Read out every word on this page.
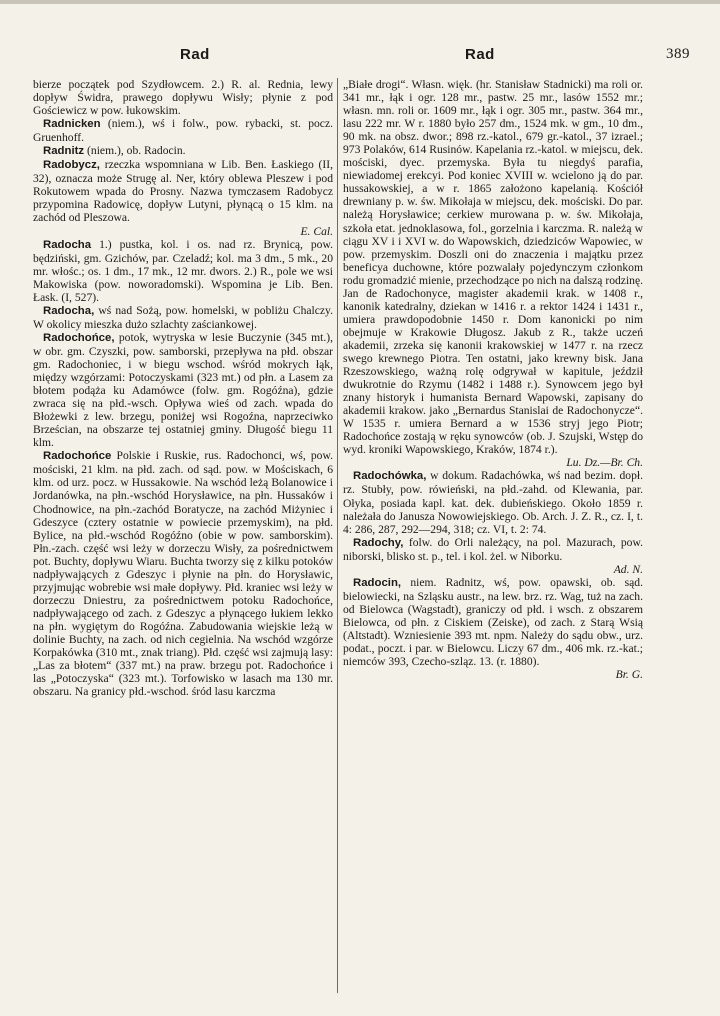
Rad	Rad	389

bierze początek pod Szydłowcem. 2.) R. al. Rednia, lewy dopływ Świdra, prawego dopływu Wisły; płynie z pod Gościewicz w pow. łukowskim.

Radnicken (niem.), wś i folw., pow. rybacki, st. pocz. Gruenhoff.

Radnitz (niem.), ob. Radocin.

Radobycz, rzeczka wspomniana w Lib. Ben. Łaskiego (II, 32), oznacza może Strugę al. Ner, który oblewa Pleszew i pod Rokutowem wpada do Prosny. Nazwa tymczasem Radobycz przypomina Radowicę, dopływ Lutyni, płynącą o 15 klm. na zachód od Pleszowa.
E. Cal.

Radocha 1.) pustka, kol. i os. nad rz. Brynicą, pow. będziński, gm. Gzichów, par. Czeladź; kol. ma 3 dm., 5 mk., 20 mr. włośc.; os. 1 dm., 17 mk., 12 mr. dwors. 2.) R., pole we wsi Makowiska (pow. noworadomski). Wspomina je Lib. Ben. Łask. (I, 527).

Radocha, wś nad Sożą, pow. homelski, w pobliżu Chalczy. W okolicy mieszka dużo szlachty zaściankowej.

Radochońce, potok, wytryska w lesie Buczynie (345 mt.), w obr. gm. Czyszki, pow. samborski, przepływa na płd. obszar gm. Radochoniec, i w biegu wschod. wśród mokrych łąk, między wzgórzami: Potoczyskami (323 mt.) od płn. a Lasem za błotem podąża ku Adamówce (folw. gm. Rogóźna), gdzie zwraca się na płd.-wsch. Opływa wieś od zach. wpada do Błożewki z lew. brzegu, poniżej wsi Rogoźna, naprzeciwko Brześcian, na obszarze tej ostatniej gminy. Długość biegu 11 klm.

Radochońce Polskie i Ruskie, rus. Radochonci, wś, pow. mościski, 21 klm. na płd. zach. od sąd. pow. w Mościskach, 6 klm. od urz. pocz. w Hussakowie. Na wschód leżą Bolanowice i Jordanówka, na płn.-wschód Horysławice, na płn. Hussaków i Chodnowice, na płn.-zachód Boratycze, na zachód Miżyniec i Gdeszyce (cztery ostatnie w powiecie przemyskim), na płd. Bylice, na płd.-wschód Rogóźno (obie w pow. samborskim). Płn.-zach. część wsi leży w dorzeczu Wisły, za pośrednictwem pot. Buchty, dopływu Wiaru. Buchta tworzy się z kilku potoków nadpływających z Gdeszyc i płynie na płn. do Horysławic, przyjmując wobrebie wsi małe dopływy. Płd. kraniec wsi leży w dorzeczu Dniestru, za pośrednictwem potoku Radochońce, nadpływającego od zach. z Gdeszyc a płynącego łukiem lekko na płn. wygiętym do Rogóźna. Zabudowania wiejskie leżą w dolinie Buchty, na zach. od nich cegielnia. Na wschód wzgórze Korpakówka (310 mt., znak triang). Płd. część wsi zajmują lasy: „Las za błotem“ (337 mt.) na praw. brzegu pot. Radochońce i las „Potoczyska“ (323 mt.). Torfowisko w lasach ma 130 mr. obszaru. Na granicy płd.-wschod. śród lasu karczma

„Białe drogi“. Własn. więk. (hr. Stanisław Stadnicki) ma roli or. 341 mr., łąk i ogr. 128 mr., pastw. 25 mr., lasów 1552 mr.; własn. mn. roli or. 1609 mr., łąk i ogr. 305 mr., pastw. 364 mr., lasu 222 mr. W r. 1880 było 257 dm., 1524 mk. w gm., 10 dm., 90 mk. na obsz. dwor.; 898 rz.-katol., 679 gr.-katol., 37 izrael.; 973 Polaków, 614 Rusinów. Kapelania rz.-katol. w miejscu, dek. mościski, dyec. przemyska. Była tu niegdyś parafia, niewiadomej erekcyi. Pod koniec XVIII w. wcielono ją do par. hussakowskiej, a w r. 1865 założono kapelanią. Kościół drewniany p. w. św. Mikołaja w miejscu, dek. mościski. Do par. należą Horysławice; cerkiew murowana p. w. św. Mikołaja, szkoła etat. jednoklasowa, fol., gorzelnia i karczma. R. należą w ciągu XV i i XVI w. do Wapowskich, dziedziców Wapowiec, w pow. przemyskim. Doszli oni do znaczenia i majątku przez beneficya duchowne, które pozwalały pojedynczym członkom rodu gromadzić mienie, przechodzące po nich na dalszą rodzinę. Jan de Radochonyce, magister akademii krak. w 1408 r., kanonik katedralny, dziekan w 1416 r. a rektor 1424 i 1431 r., umiera prawdopodobnie 1450 r. Dom kanonicki po nim obejmuje w Krakowie Długosz. Jakub z R., także uczeń akademii, zrzeka się kanonii krakowskiej w 1477 r. na rzecz swego krewnego Piotra. Ten ostatni, jako krewny bisk. Jana Rzeszowskiego, ważną rolę odgrywał w kapitule, jeździł dwukrotnie do Rzymu (1482 i 1488 r.). Synowcem jego był znany historyk i humanista Bernard Wapowski, zapisany do akademii krakow. jako „Bernardus Stanislai de Radochonycze“. W 1535 r. umiera Bernard a w 1536 stryj jego Piotr; Radochońce zostają w ręku synowców (ob. J. Szujski, Wstęp do wyd. kroniki Wapowskiego, Kraków, 1874 r.).
Lu. Dz.—Br. Ch.

Radochówka, w dokum. Radachówka, wś nad bezim. dopł. rz. Stubły, pow. rówieński, na płd.-zahd. od Klewania, par. Ołyka, posiada kapl. kat. dek. dubieńskiego. Około 1859 r. należała do Janusza Nowowiejskiego. Ob. Arch. J. Z. R., cz. I, t. 4: 286, 287, 292—294, 318; cz. VI, t. 2: 74.

Radochy, folw. do Orli należący, na pol. Mazurach, pow. niborski, blisko st. p., tel. i kol. żel. w Niborku.
Ad. N.

Radocin, niem. Radnitz, wś, pow. opawski, ob. sąd. bielowiecki, na Szląsku austr., na lew. brz. rz. Wag, tuż na zach. od Bielowca (Wagstadt), graniczy od płd. i wsch. z obszarem Bielowca, od płn. z Ciskiem (Zeiske), od zach. z Starą Wsią (Altstadt). Wzniesienie 393 mt. npm. Należy do sądu obw., urz. podat., poczt. i par. w Bielowcu. Liczy 67 dm., 406 mk. rz.-kat.; niemców 393, Czecho-szląz. 13. (r. 1880).
Br. G.
